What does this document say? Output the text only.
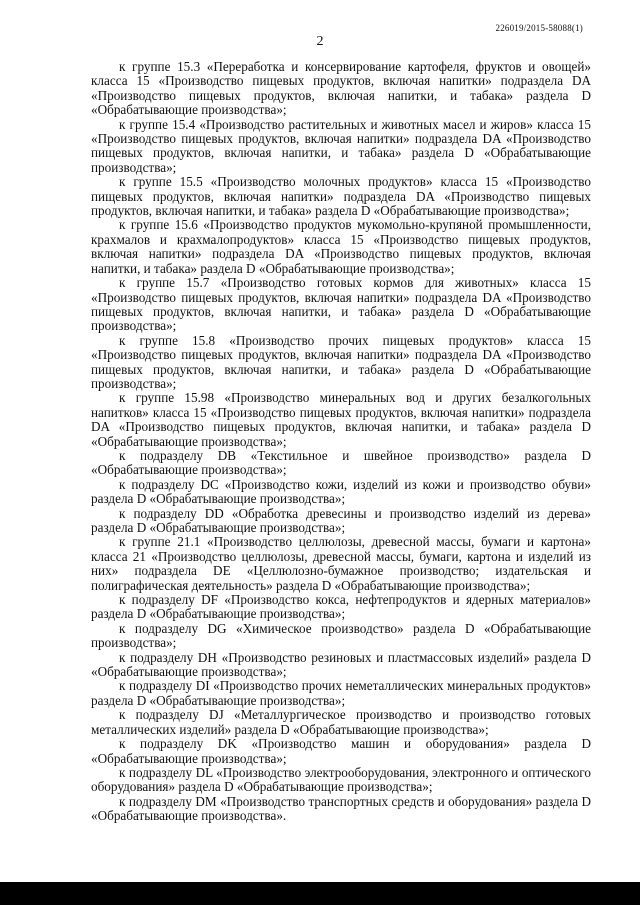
226019/2015-58088(1)
2

к группе 15.3 «Переработка и консервирование картофеля, фруктов и овощей» класса 15 «Производство пищевых продуктов, включая напитки» подраздела DA «Производство пищевых продуктов, включая напитки, и табака» раздела D «Обрабатывающие производства»;

к группе 15.4 «Производство растительных и животных масел и жиров» класса 15 «Производство пищевых продуктов, включая напитки» подраздела DA «Производство пищевых продуктов, включая напитки, и табака» раздела D «Обрабатывающие производства»;

к группе 15.5 «Производство молочных продуктов» класса 15 «Производство пищевых продуктов, включая напитки» подраздела DA «Производство пищевых продуктов, включая напитки, и табака» раздела D «Обрабатывающие производства»;

к группе 15.6 «Производство продуктов мукомольно-крупяной промышленности, крахмалов и крахмалопродуктов» класса 15 «Производство пищевых продуктов, включая напитки» подраздела DA «Производство пищевых продуктов, включая напитки, и табака» раздела D «Обрабатывающие производства»;

к группе 15.7 «Производство готовых кормов для животных» класса 15 «Производство пищевых продуктов, включая напитки» подраздела DA «Производство пищевых продуктов, включая напитки, и табака» раздела D «Обрабатывающие производства»;

к группе 15.8 «Производство прочих пищевых продуктов» класса 15 «Производство пищевых продуктов, включая напитки» подраздела DA «Производство пищевых продуктов, включая напитки, и табака» раздела D «Обрабатывающие производства»;

к группе 15.98 «Производство минеральных вод и других безалкогольных напитков» класса 15 «Производство пищевых продуктов, включая напитки» подраздела DA «Производство пищевых продуктов, включая напитки, и табака» раздела D «Обрабатывающие производства»;

к подразделу DB «Текстильное и швейное производство» раздела D «Обрабатывающие производства»;

к подразделу DC «Производство кожи, изделий из кожи и производство обуви» раздела D «Обрабатывающие производства»;

к подразделу DD «Обработка древесины и производство изделий из дерева» раздела D «Обрабатывающие производства»;

к группе 21.1 «Производство целлюлозы, древесной массы, бумаги и картона» класса 21 «Производство целлюлозы, древесной массы, бумаги, картона и изделий из них» подраздела DE «Целлюлозно-бумажное производство; издательская и полиграфическая деятельность» раздела D «Обрабатывающие производства»;

к подразделу DF «Производство кокса, нефтепродуктов и ядерных материалов» раздела D «Обрабатывающие производства»;

к подразделу DG «Химическое производство» раздела D «Обрабатывающие производства»;

к подразделу DH «Производство резиновых и пластмассовых изделий» раздела D «Обрабатывающие производства»;

к подразделу DI «Производство прочих неметаллических минеральных продуктов» раздела D «Обрабатывающие производства»;

к подразделу DJ «Металлургическое производство и производство готовых металлических изделий» раздела D «Обрабатывающие производства»;

к подразделу DK «Производство машин и оборудования» раздела D «Обрабатывающие производства»;

к подразделу DL «Производство электрооборудования, электронного и оптического оборудования» раздела D «Обрабатывающие производства»;

к подразделу DM «Производство транспортных средств и оборудования» раздела D «Обрабатывающие производства».
